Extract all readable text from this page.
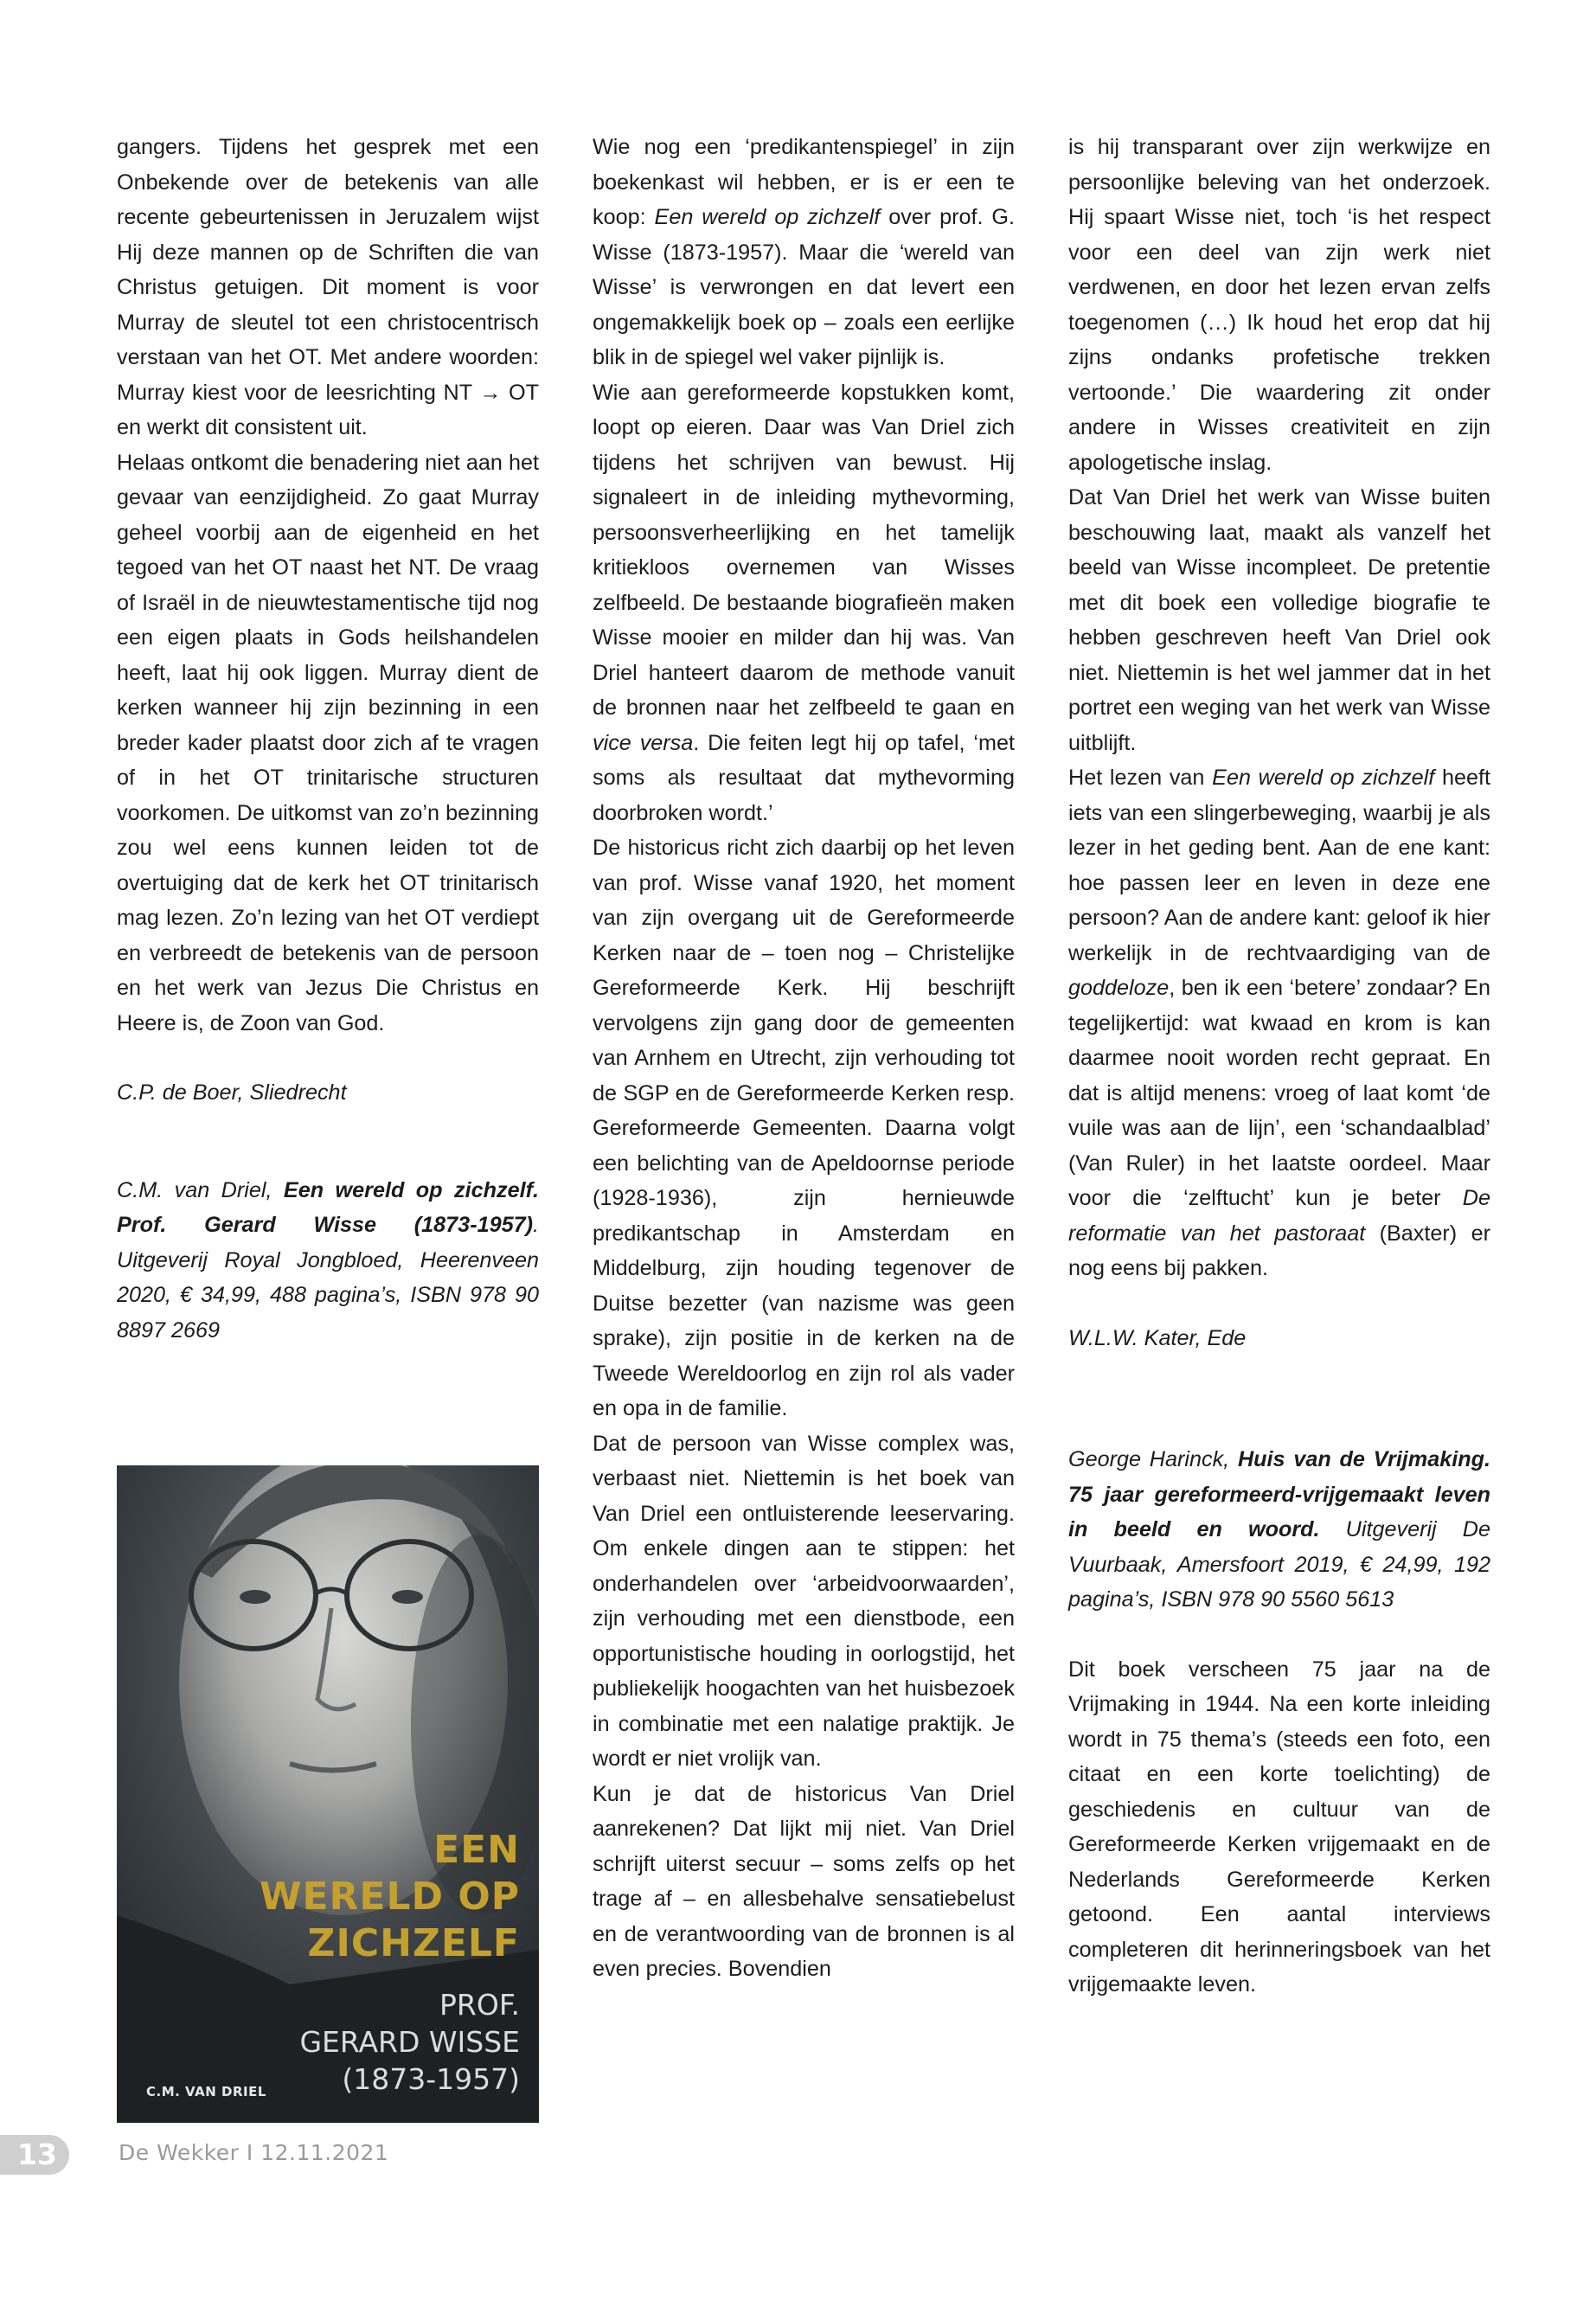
gangers. Tijdens het gesprek met een Onbekende over de betekenis van alle recente gebeurtenissen in Jeruzalem wijst Hij deze mannen op de Schriften die van Christus getuigen. Dit moment is voor Murray de sleutel tot een christocentrisch verstaan van het OT. Met andere woorden: Murray kiest voor de leesrichting NT → OT en werkt dit consistent uit.

Helaas ontkomt die benadering niet aan het gevaar van eenzijdigheid. Zo gaat Murray geheel voorbij aan de eigenheid en het tegoed van het OT naast het NT. De vraag of Israël in de nieuwtestamentische tijd nog een eigen plaats in Gods heilshandelen heeft, laat hij ook liggen. Murray dient de kerken wanneer hij zijn bezinning in een breder kader plaatst door zich af te vragen of in het OT trinitarische structuren voorkomen. De uitkomst van zo’n bezinning zou wel eens kunnen leiden tot de overtuiging dat de kerk het OT trinitarisch mag lezen. Zo’n lezing van het OT verdiept en verbreedt de betekenis van de persoon en het werk van Jezus Die Christus en Heere is, de Zoon van God.

C.P. de Boer, Sliedrecht

C.M. van Driel, Een wereld op zichzelf. Prof. Gerard Wisse (1873-1957). Uitgeverij Royal Jongbloed, Heerenveen 2020, € 34,99, 488 pagina’s, ISBN 978 90 8897 2669

EEN
WERELD OP
ZICHZELF
PROF.
GERARD WISSE
(1873-1957)
C.M. VAN DRIEL

Wie nog een ‘predikantenspiegel’ in zijn boekenkast wil hebben, er is er een te koop: Een wereld op zichzelf over prof. G. Wisse (1873-1957). Maar die ‘wereld van Wisse’ is verwrongen en dat levert een ongemakkelijk boek op – zoals een eerlijke blik in de spiegel wel vaker pijnlijk is.

Wie aan gereformeerde kopstukken komt, loopt op eieren. Daar was Van Driel zich tijdens het schrijven van bewust. Hij signaleert in de inleiding mythevorming, persoonsverheerlijking en het tamelijk kritiekloos overnemen van Wisses zelfbeeld. De bestaande biografieën maken Wisse mooier en milder dan hij was. Van Driel hanteert daarom de methode vanuit de bronnen naar het zelfbeeld te gaan en vice versa. Die feiten legt hij op tafel, ‘met soms als resultaat dat mythevorming doorbroken wordt.’

De historicus richt zich daarbij op het leven van prof. Wisse vanaf 1920, het moment van zijn overgang uit de Gereformeerde Kerken naar de – toen nog – Christelijke Gereformeerde Kerk. Hij beschrijft vervolgens zijn gang door de gemeenten van Arnhem en Utrecht, zijn verhouding tot de SGP en de Gereformeerde Kerken resp. Gereformeerde Gemeenten. Daarna volgt een belichting van de Apeldoornse periode (1928-1936), zijn hernieuwde predikantschap in Amsterdam en Middelburg, zijn houding tegenover de Duitse bezetter (van nazisme was geen sprake), zijn positie in de kerken na de Tweede Wereldoorlog en zijn rol als vader en opa in de familie.

Dat de persoon van Wisse complex was, verbaast niet. Niettemin is het boek van Van Driel een ontluisterende leeservaring. Om enkele dingen aan te stippen: het onderhandelen over ‘arbeidvoorwaarden’, zijn verhouding met een dienstbode, een opportunistische houding in oorlogstijd, het publiekelijk hoogachten van het huisbezoek in combinatie met een nalatige praktijk. Je wordt er niet vrolijk van.

Kun je dat de historicus Van Driel aanrekenen? Dat lijkt mij niet. Van Driel schrijft uiterst secuur – soms zelfs op het trage af – en allesbehalve sensatiebelust en de verantwoording van de bronnen is al even precies. Bovendien

is hij transparant over zijn werkwijze en persoonlijke beleving van het onderzoek. Hij spaart Wisse niet, toch ‘is het respect voor een deel van zijn werk niet verdwenen, en door het lezen ervan zelfs toegenomen (…) Ik houd het erop dat hij zijns ondanks profetische trekken vertoonde.’ Die waardering zit onder andere in Wisses creativiteit en zijn apologetische inslag.

Dat Van Driel het werk van Wisse buiten beschouwing laat, maakt als vanzelf het beeld van Wisse incompleet. De pretentie met dit boek een volledige biografie te hebben geschreven heeft Van Driel ook niet. Niettemin is het wel jammer dat in het portret een weging van het werk van Wisse uitblijft.

Het lezen van Een wereld op zichzelf heeft iets van een slingerbeweging, waarbij je als lezer in het geding bent. Aan de ene kant: hoe passen leer en leven in deze ene persoon? Aan de andere kant: geloof ik hier werkelijk in de rechtvaardiging van de goddeloze, ben ik een ‘betere’ zondaar? En tegelijkertijd: wat kwaad en krom is kan daarmee nooit worden recht gepraat. En dat is altijd menens: vroeg of laat komt ‘de vuile was aan de lijn’, een ‘schandaalblad’ (Van Ruler) in het laatste oordeel. Maar voor die ‘zelftucht’ kun je beter De reformatie van het pastoraat (Baxter) er nog eens bij pakken.

W.L.W. Kater, Ede

George Harinck, Huis van de Vrijmaking. 75 jaar gereformeerd-vrijgemaakt leven in beeld en woord. Uitgeverij De Vuurbaak, Amersfoort 2019, € 24,99, 192 pagina’s, ISBN 978 90 5560 5613

Dit boek verscheen 75 jaar na de Vrijmaking in 1944. Na een korte inleiding wordt in 75 thema’s (steeds een foto, een citaat en een korte toelichting) de geschiedenis en cultuur van de Gereformeerde Kerken vrijgemaakt en de Nederlands Gereformeerde Kerken getoond. Een aantal interviews completeren dit herinneringsboek van het vrijgemaakte leven.

13	De Wekker I 12.11.2021
